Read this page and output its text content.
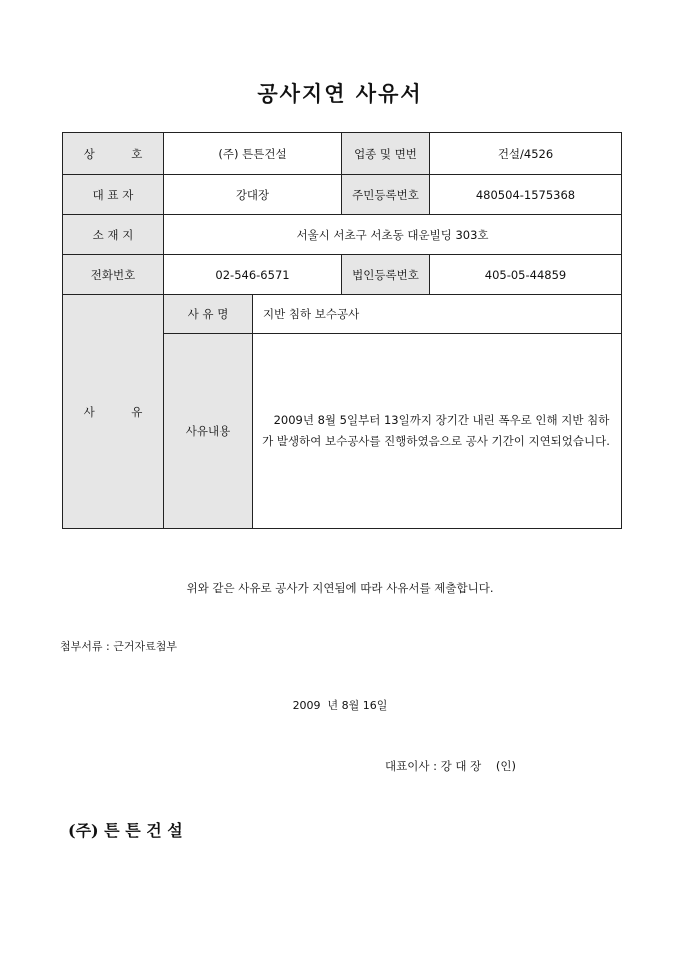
공사지연 사유서
상          호	(주) 튼튼건설		업종 및 면번	건설/4526
대 표 자	강대장		주민등록번호	480504-1575368
소 재 지	서울시 서초구 서초동 대운빌딩 303호			
전화번호	02-546-6571		법인등록번호	405-05-44859
사          유	사 유 명	지반 침하 보수공사		
	사유내용	2009년 8월 5일부터 13일까지 장기간 내린 폭우로 인해 지반 침하가 발생하여 보수공사를 진행하였음으로 공사 기간이 지연되었습니다.		
위와 같은 사유로 공사가 지연됨에 따라 사유서를 제출합니다.
첨부서류 : 근거자료첨부
2009  년 8월 16일
대표이사 : 강 대 장    (인)
(주) 튼 튼 건 설
